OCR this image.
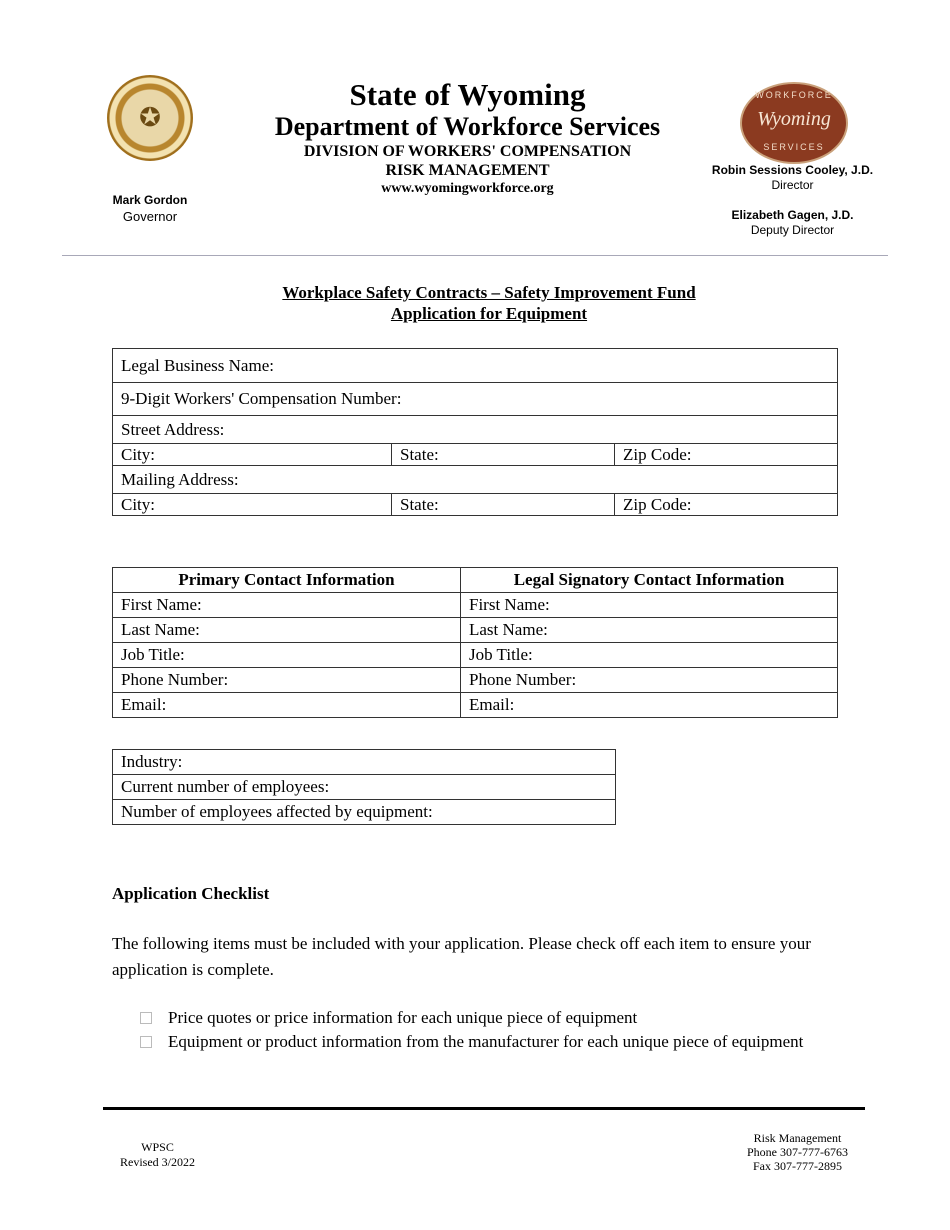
✪
Mark Gordon
Governor
State of Wyoming
Department of Workforce Services
DIVISION OF WORKERS' COMPENSATION
RISK MANAGEMENT
www.wyomingworkforce.org
WORKFORCE
Wyoming
SERVICES
Robin Sessions Cooley, J.D.
Director
Elizabeth Gagen, J.D.
Deputy Director
Workplace Safety Contracts – Safety Improvement Fund
Application for Equipment
Legal Business Name:		
9-Digit Workers' Compensation Number:		
Street Address:		
City:	State:	Zip Code:
Mailing Address:		
City:	State:	Zip Code:
Primary Contact Information	Legal Signatory Contact Information
First Name:	First Name:
Last Name:	Last Name:
Job Title:	Job Title:
Phone Number:	Phone Number:
Email:	Email:
Industry:
Current number of employees:
Number of employees affected by equipment:
Application Checklist
The following items must be included with your application. Please check off each item to ensure your application is complete.
Price quotes or price information for each unique piece of equipment
Equipment or product information from the manufacturer for each unique piece of equipment
WPSC
Revised 3/2022
Risk Management
Phone 307-777-6763
Fax 307-777-2895
